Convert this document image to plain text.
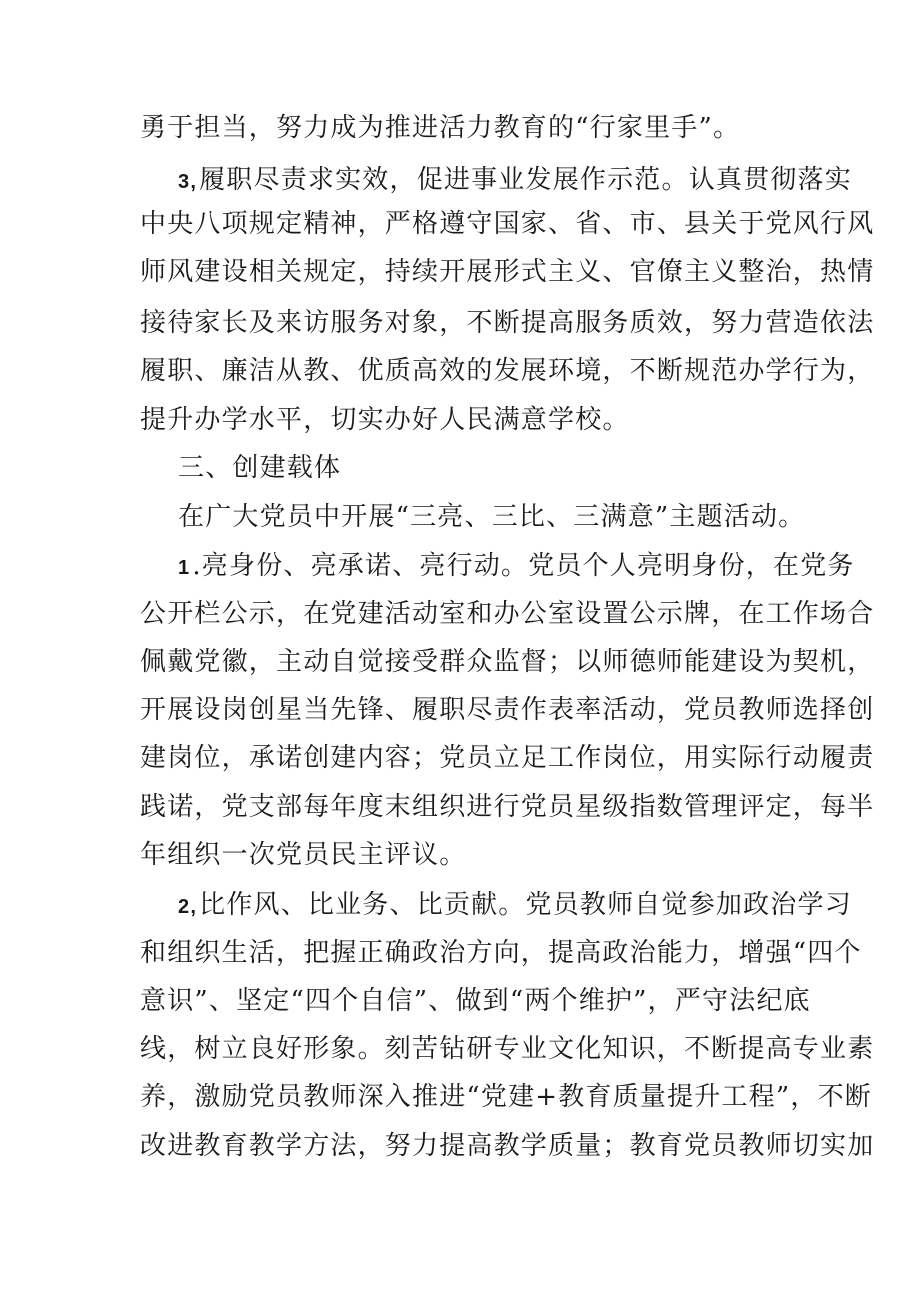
勇于担当，努力成为推进活力教育的“行家里手”。
3,履职尽责求实效，促进事业发展作示范。认真贯彻落实
中央八项规定精神，严格遵守国家、省、市、县关于党风行风
师风建设相关规定，持续开展形式主义、官僚主义整治，热情
接待家长及来访服务对象，不断提高服务质效，努力营造依法
履职、廉洁从教、优质高效的发展环境，不断规范办学行为，
提升办学水平，切实办好人民满意学校。
三、创建载体
在广大党员中开展“三亮、三比、三满意”主题活动。
1.亮身份、亮承诺、亮行动。党员个人亮明身份，在党务
公开栏公示，在党建活动室和办公室设置公示牌，在工作场合
佩戴党徽，主动自觉接受群众监督；以师德师能建设为契机，
开展设岗创星当先锋、履职尽责作表率活动，党员教师选择创
建岗位，承诺创建内容；党员立足工作岗位，用实际行动履责
践诺，党支部每年度末组织进行党员星级指数管理评定，每半
年组织一次党员民主评议。
2,比作风、比业务、比贡献。党员教师自觉参加政治学习
和组织生活，把握正确政治方向，提高政治能力，增强“四个
意识”、坚定“四个自信”、做到“两个维护”，严守法纪底
线，树立良好形象。刻苦钻研专业文化知识，不断提高专业素
养，激励党员教师深入推进“党建+教育质量提升工程”，不断
改进教育教学方法，努力提高教学质量；教育党员教师切实加
